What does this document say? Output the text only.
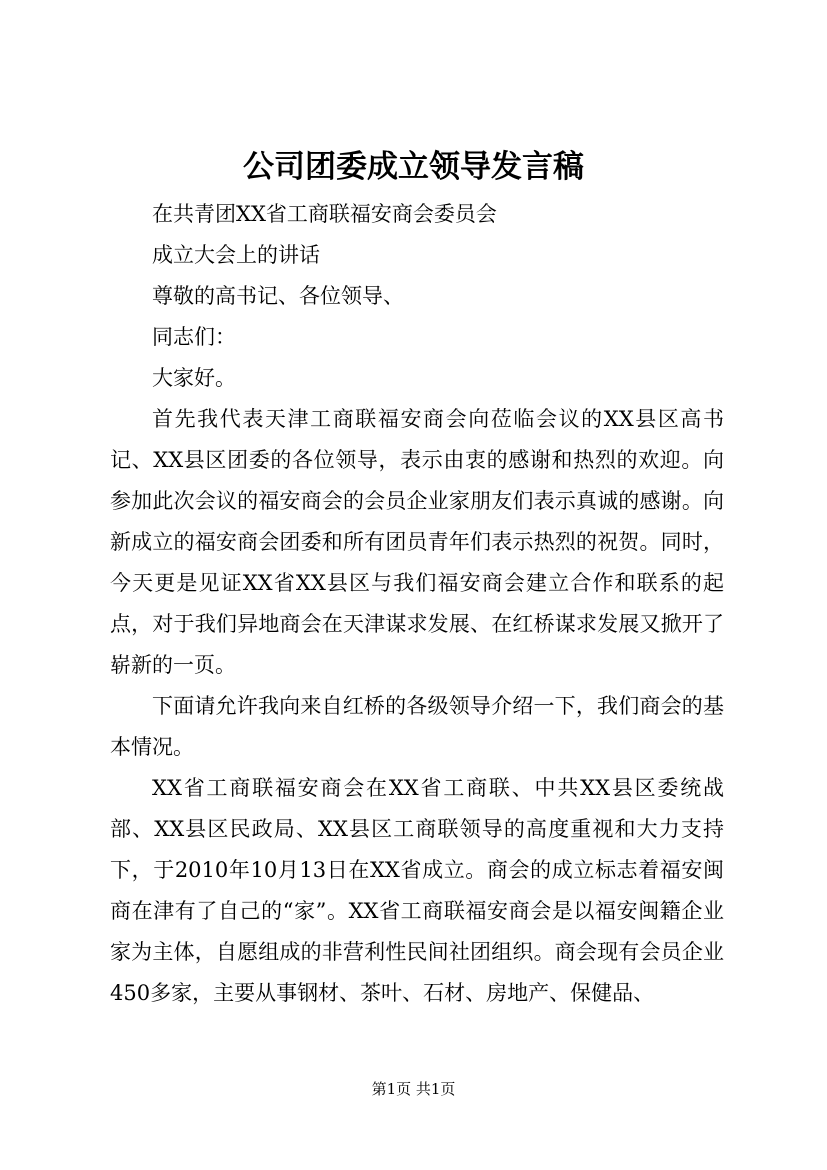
公司团委成立领导发言稿

在共青团XX省工商联福安商会委员会

成立大会上的讲话

尊敬的高书记、各位领导、

同志们：

大家好。

首先我代表天津工商联福安商会向莅临会议的XX县区高书记、XX县区团委的各位领导，表示由衷的感谢和热烈的欢迎。向参加此次会议的福安商会的会员企业家朋友们表示真诚的感谢。向新成立的福安商会团委和所有团员青年们表示热烈的祝贺。同时，今天更是见证XX省XX县区与我们福安商会建立合作和联系的起点，对于我们异地商会在天津谋求发展、在红桥谋求发展又掀开了崭新的一页。

下面请允许我向来自红桥的各级领导介绍一下，我们商会的基本情况。

XX省工商联福安商会在XX省工商联、中共XX县区委统战部、XX县区民政局、XX县区工商联领导的高度重视和大力支持下，于2010年10月13日在XX省成立。商会的成立标志着福安闽商在津有了自己的“家”。XX省工商联福安商会是以福安闽籍企业家为主体，自愿组成的非营利性民间社团组织。商会现有会员企业450多家，主要从事钢材、茶叶、石材、房地产、保健品、

第1页 共1页
